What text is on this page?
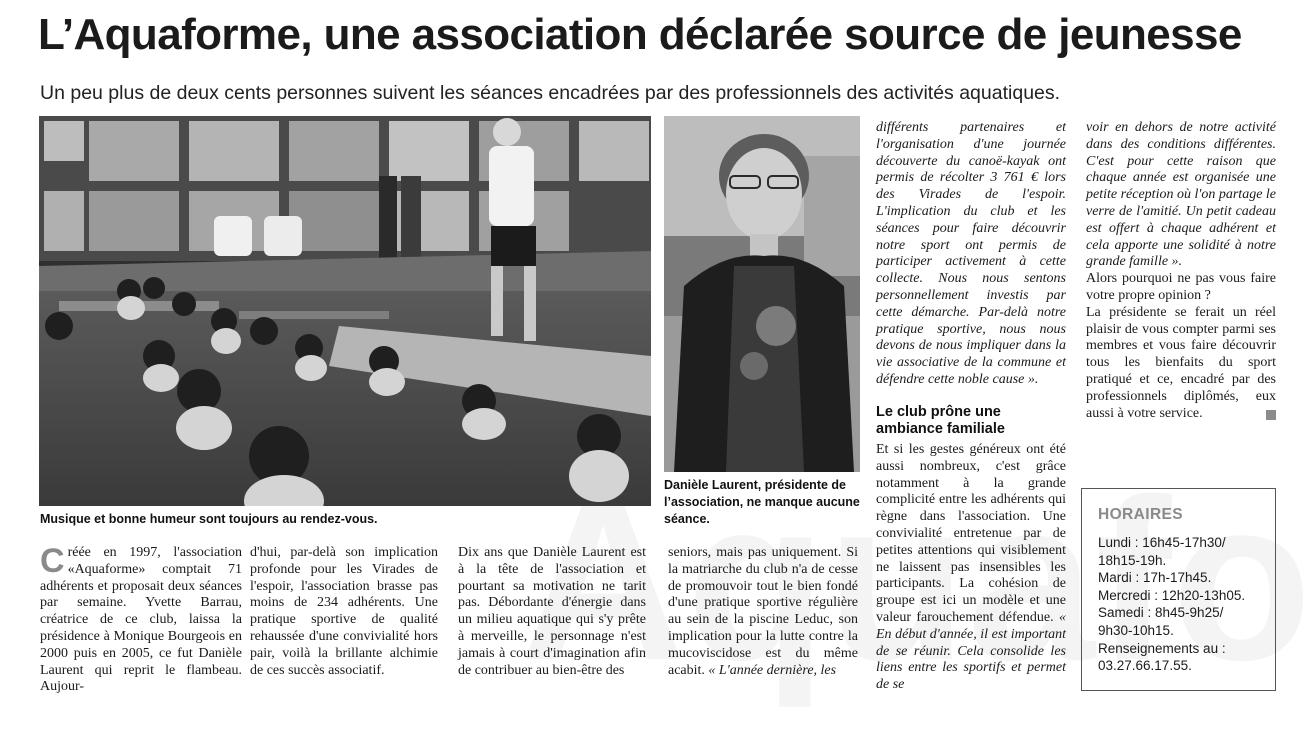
L’Aquaforme, une association déclarée source de jeunesse
Un peu plus de deux cents personnes suivent les séances encadrées par des professionnels des activités aquatiques.
Musique et bonne humeur sont toujours au rendez-vous.
Danièle Laurent, présidente de l’association, ne manque aucune séance.
Créée en 1997, l'association «Aquaforme» comptait 71 adhérents et proposait deux séances par semaine. Yvette Barrau, créatrice de ce club, laissa la présidence à Monique Bourgeois en 2000 puis en 2005, ce fut Danièle Laurent qui reprit le flambeau. Aujour-
d'hui, par-delà son implication profonde pour les Virades de l'espoir, l'association brasse pas moins de 234 adhérents. Une pratique sportive de qualité rehaussée d'une convivialité hors pair, voilà la brillante alchimie de ces succès associatif.
Dix ans que Danièle Laurent est à la tête de l'association et pourtant sa motivation ne tarit pas. Débordante d'énergie dans un milieu aquatique qui s'y prête à merveille, le personnage n'est jamais à court d'imagination afin de contribuer au bien-être des
seniors, mais pas uniquement. Si la matriarche du club n'a de cesse de promouvoir tout le bien fondé d'une pratique sportive régulière au sein de la piscine Leduc, son implication pour la lutte contre la mucoviscidose est du même acabit. « L'année dernière, les
différents partenaires et l'organisation d'une journée découverte du canoë-kayak ont permis de récolter 3 761 € lors des Virades de l'espoir. L'implication du club et les séances pour faire découvrir notre sport ont permis de participer activement à cette collecte. Nous nous sentons personnellement investis par cette démarche. Par-delà notre pratique sportive, nous nous devons de nous impliquer dans la vie associative de la commune et défendre cette noble cause ».
Le club prône une ambiance familiale
Et si les gestes généreux ont été aussi nombreux, c'est grâce notamment à la grande complicité entre les adhérents qui règne dans l'association. Une convivialité entretenue par de petites attentions qui visiblement ne laissent pas insensibles les participants. La cohésion de groupe est ici un modèle et une valeur farouchement défendue. « En début d'année, il est important de se réunir. Cela consolide les liens entre les sportifs et permet de se

voir en dehors de notre activité dans des conditions différentes. C'est pour cette raison que chaque année est organisée une petite réception où l'on partage le verre de l'amitié. Un petit cadeau est offert à chaque adhérent et cela apporte une solidité à notre grande famille ».

Alors pourquoi ne pas vous faire votre propre opinion ?

La présidente se ferait un réel plaisir de vous compter parmi ses membres et vous faire découvrir tous les bienfaits du sport pratiqué et ce, encadré par des professionnels diplômés, eux aussi à votre service.

HORAIRES
Lundi : 16h45-17h30/
18h15-19h.
Mardi : 17h-17h45.
Mercredi : 12h20-13h05.
Samedi : 8h45-9h25/
9h30-10h15.
Renseignements au :
03.27.66.17.55.
